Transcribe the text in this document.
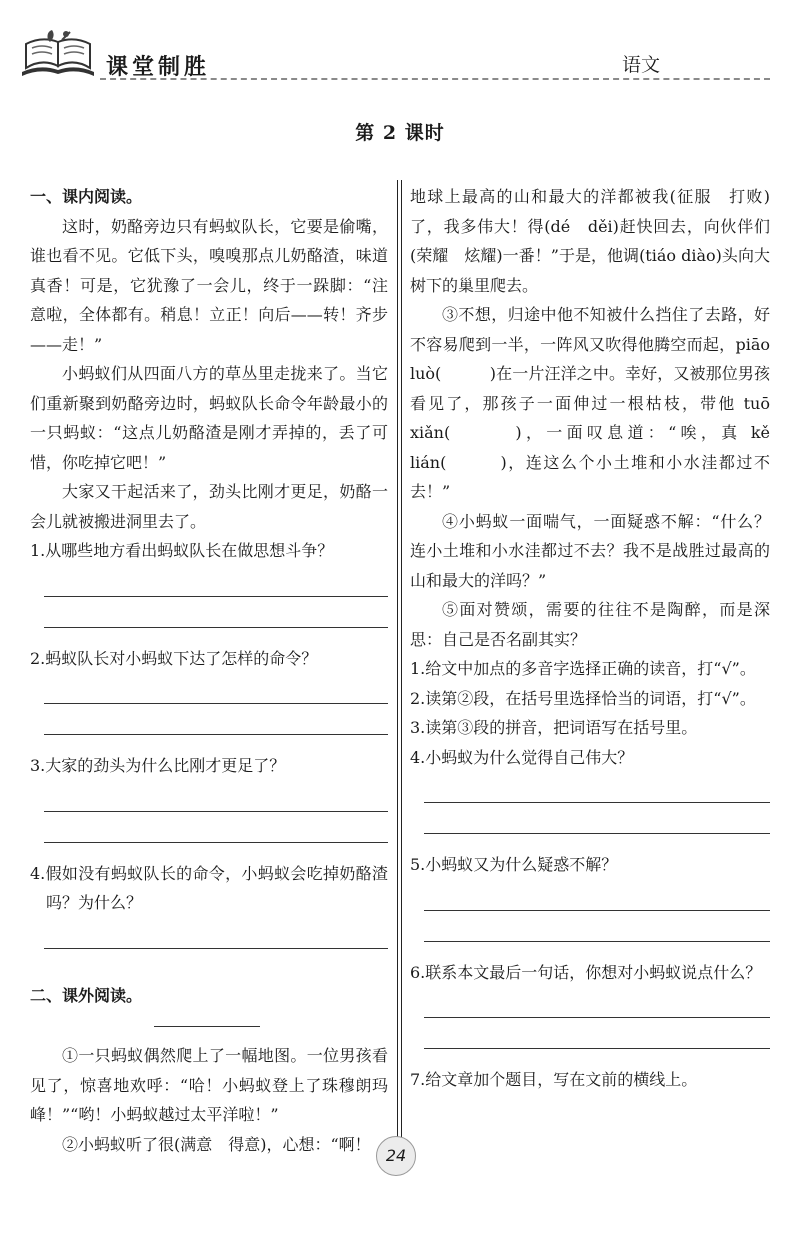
课堂制胜	语文
第 2 课时
一、课内阅读。

这时，奶酪旁边只有蚂蚁队长，它要是偷嘴，谁也看不见。它低下头，嗅嗅那点儿奶酪渣，味道真香！可是，它犹豫了一会儿，终于一跺脚：“注意啦，全体都有。稍息！立正！向后——转！齐步——走！”

小蚂蚁们从四面八方的草丛里走拢来了。当它们重新聚到奶酪旁边时，蚂蚁队长命令年龄最小的一只蚂蚁：“这点儿奶酪渣是刚才弄掉的，丢了可惜，你吃掉它吧！”

大家又干起活来了，劲头比刚才更足，奶酪一会儿就被搬进洞里去了。

1.从哪些地方看出蚂蚁队长在做思想斗争？

2.蚂蚁队长对小蚂蚁下达了怎样的命令？

3.大家的劲头为什么比刚才更足了？

4.假如没有蚂蚁队长的命令，小蚂蚁会吃掉奶酪渣吗？为什么？

二、课外阅读。

①一只蚂蚁偶然爬上了一幅地图。一位男孩看见了，惊喜地欢呼：“哈！小蚂蚁登上了珠穆朗玛峰！”“哟！小蚂蚁越过太平洋啦！”

②小蚂蚁听了很(满意　得意)，心想：“啊！

地球上最高的山和最大的洋都被我(征服　打败)了，我多伟大！得(dé　děi)赶快回去，向伙伴们(荣耀　炫耀)一番！”于是，他调(tiáo diào)头向大树下的巢里爬去。

③不想，归途中他不知被什么挡住了去路，好不容易爬到一半，一阵风又吹得他腾空而起，piāo　luò(　　　)在一片汪洋之中。幸好，又被那位男孩看见了，那孩子一面伸过一根枯枝，带他 tuō　xiǎn(　　　)，一面叹息道：“唉，真 kě　lián(　　　)，连这么个小土堆和小水洼都过不去！”

④小蚂蚁一面喘气，一面疑惑不解：“什么？连小土堆和小水洼都过不去？我不是战胜过最高的山和最大的洋吗？”

⑤面对赞颂，需要的往往不是陶醉，而是深思：自己是否名副其实？

1.给文中加点的多音字选择正确的读音，打“√”。

2.读第②段，在括号里选择恰当的词语，打“√”。

3.读第③段的拼音，把词语写在括号里。

4.小蚂蚁为什么觉得自己伟大？

5.小蚂蚁又为什么疑惑不解？

6.联系本文最后一句话，你想对小蚂蚁说点什么？

7.给文章加个题目，写在文前的横线上。

24
